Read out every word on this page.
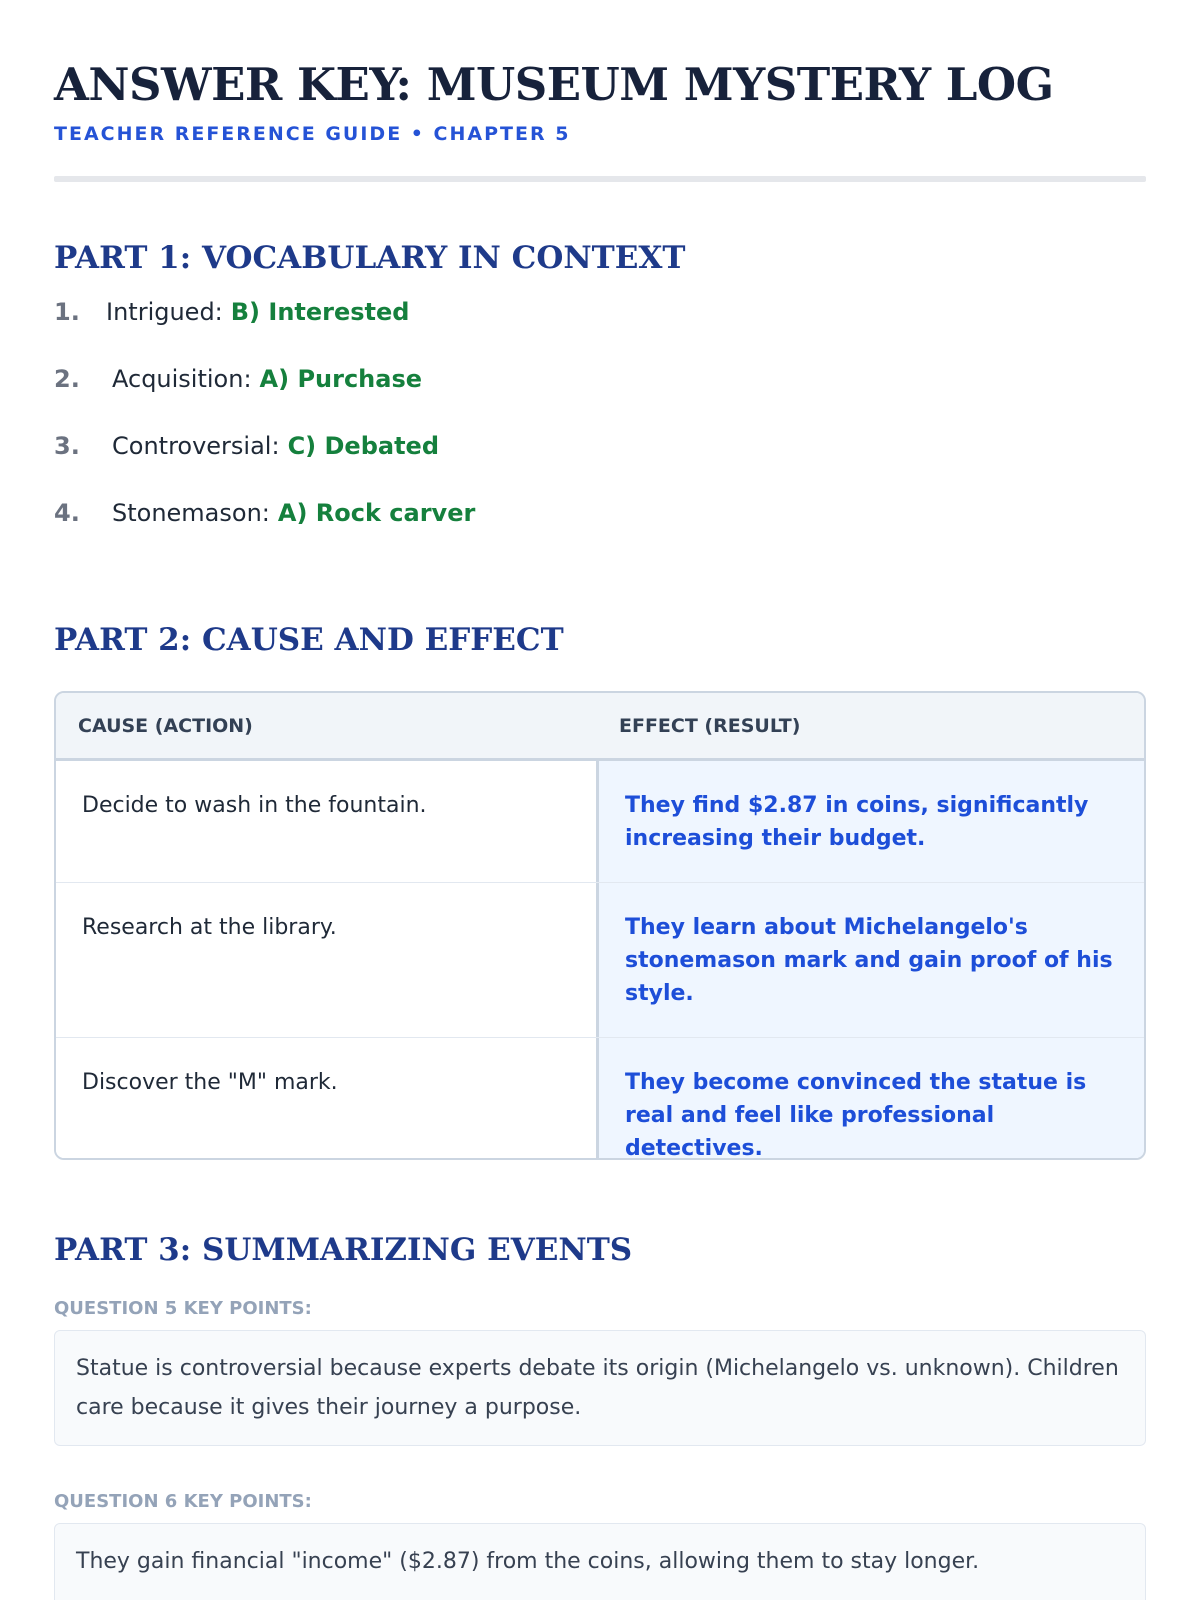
ANSWER KEY: MUSEUM MYSTERY LOG
TEACHER REFERENCE GUIDE • CHAPTER 5
PART 1: VOCABULARY IN CONTEXT
1.	Intrigued: B) Interested
2.	Acquisition: A) Purchase
3.	Controversial: C) Debated
4.	Stonemason: A) Rock carver
PART 2: CAUSE AND EFFECT
CAUSE (ACTION)	EFFECT (RESULT)
Decide to wash in the fountain.	They find $2.87 in coins, significantly increasing their budget.
Research at the library.	They learn about Michelangelo's stonemason mark and gain proof of his style.
Discover the "M" mark.	They become convinced the statue is real and feel like professional detectives.
PART 3: SUMMARIZING EVENTS
QUESTION 5 KEY POINTS:
Statue is controversial because experts debate its origin (Michelangelo vs. unknown). Children care because it gives their journey a purpose.
QUESTION 6 KEY POINTS:
They gain financial "income" ($2.87) from the coins, allowing them to stay longer.
